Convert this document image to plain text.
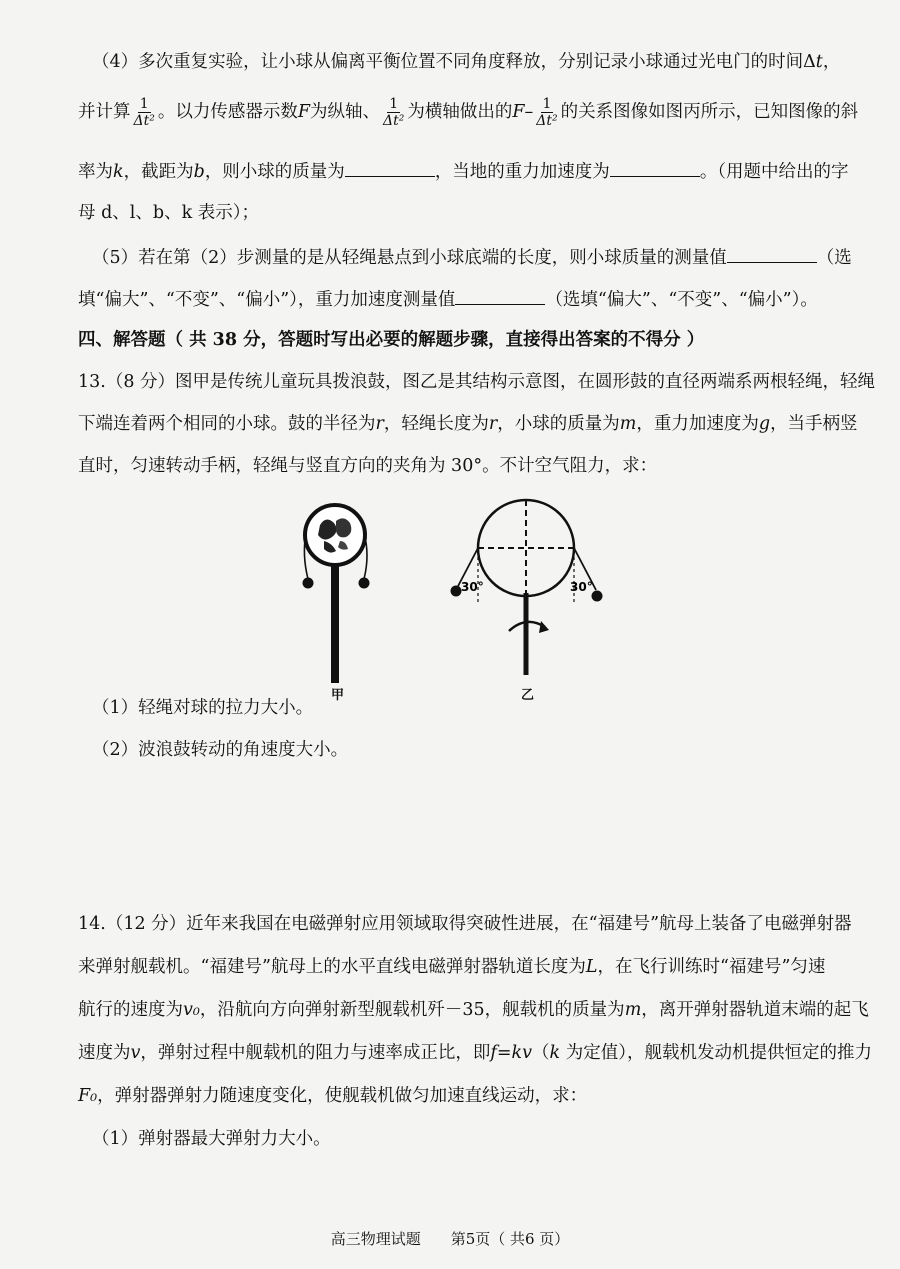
（4）多次重复实验，让小球从偏离平衡位置不同角度释放，分别记录小球通过光电门的时间Δt，
并计算 $\frac{1}{\text{Δt²}}$ 。以力传感器示数F为纵轴、 $\frac{1}{\text{Δt²}}$ 为横轴做出的$F- \frac{1}{\text{Δt²}}$ 的关系图像如图丙所示，已知图像的斜
率为k，截距为b，则小球的质量为	，当地的重力加速度为	。（用题中给出的字
母 d、l、b、k 表示）；
（5）若在第（2）步测量的是从轻绳悬点到小球底端的长度，则小球质量的测量值	（选
填“偏大”、“不变”、“偏小”），重力加速度测量值	（选填“偏大”、“不变”、“偏小”）。
四、解答题（ 共 38 分，答题时写出必要的解题步骤，直接得出答案的不得分 ）
13.（8 分）图甲是传统儿童玩具拨浪鼓，图乙是其结构示意图，在圆形鼓的直径两端系两根轻绳，轻绳
下端连着两个相同的小球。鼓的半径为r，轻绳长度为r，小球的质量为m，重力加速度为g，当手柄竖
直时，匀速转动手柄，轻绳与竖直方向的夹角为 30°。不计空气阻力，求：
甲
30°	30°
乙
（1）轻绳对球的拉力大小。
（2）波浪鼓转动的角速度大小。
14.（12 分）近年来我国在电磁弹射应用领域取得突破性进展，在“福建号”航母上装备了电磁弹射器
来弹射舰载机。“福建号”航母上的水平直线电磁弹射器轨道长度为L，在飞行训练时“福建号”匀速
航行的速度为v₀，沿航向方向弹射新型舰载机歼－35，舰载机的质量为m，离开弹射器轨道末端的起飞
速度为v，弹射过程中舰载机的阻力与速率成正比，即f=kv（k 为定值），舰载机发动机提供恒定的推力
F₀，弹射器弹射力随速度变化，使舰载机做匀加速直线运动，求：
（1）弹射器最大弹射力大小。
高三物理试题　　第5页（ 共6 页）
